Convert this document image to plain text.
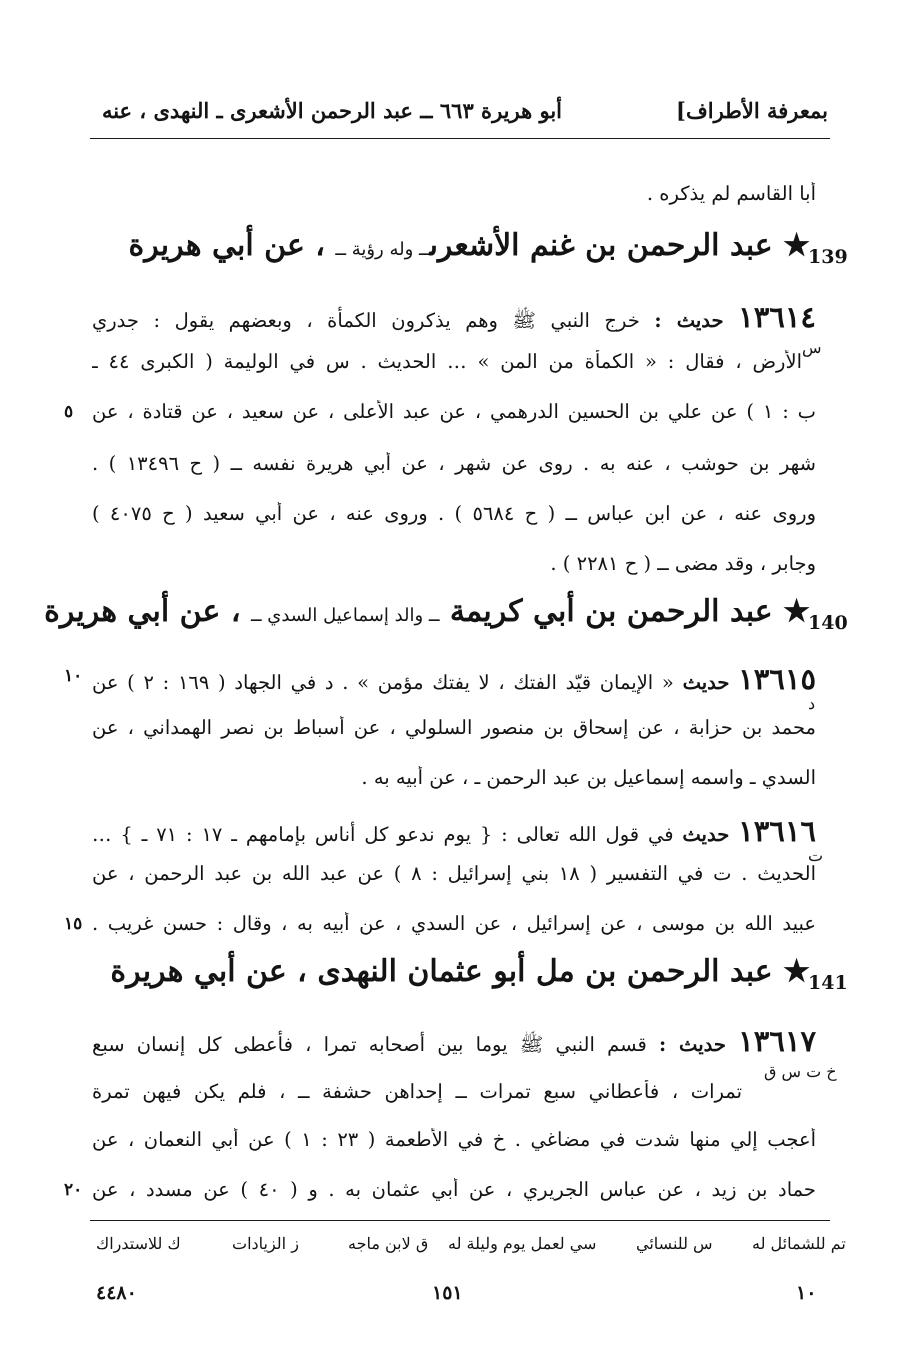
أبو هريرة ٦٦٣ ــ عبد الرحمن الأشعرى ـ النهدى ، عنه	بمعرفة الأطراف]
أبا القاسم لم يذكره .
139
★ عبد الرحمن بن غنم الأشعرىــ وله رؤية ــ ، عن أبي هريرة
١٣٦١٤ حديث : خرج النبي ﷺ وهم يذكرون الكمأة ، وبعضهم يقول : جدري
س
الأرض ، فقال : « الكمأة من المن » … الحديث . س في الوليمة ( الكبرى ٤٤ ـ
ب : ١ ) عن علي بن الحسين الدرهمي ، عن عبد الأعلى ، عن سعيد ، عن قتادة ، عن
٥
شهر بن حوشب ، عنه به . روى عن شهر ، عن أبي هريرة نفسه ــ ( ح ١٣٤٩٦ ) .
وروى عنه ، عن ابن عباس ــ ( ح ٥٦٨٤ ) . وروى عنه ، عن أبي سعيد ( ح ٤٠٧٥ )
وجابر ، وقد مضى ــ ( ح ٢٢٨١ ) .
140
★ عبد الرحمن بن أبي كريمة ــ والد إسماعيل السدي ــ ، عن أبي هريرة
١٣٦١٥ حديث « الإيمان قيّد الفتك ، لا يفتك مؤمن » . د في الجهاد ( ١٦٩ : ٢ ) عن
١٠
د
محمد بن حزابة ، عن إسحاق بن منصور السلولي ، عن أسباط بن نصر الهمداني ، عن
السدي ـ واسمه إسماعيل بن عبد الرحمن ـ ، عن أبيه به .
١٣٦١٦ حديث في قول الله تعالى : { يوم ندعو كل أناس بإمامهم ـ ١٧ : ٧١ ـ } …
ت
الحديث . ت في التفسير ( ١٨ بني إسرائيل : ٨ ) عن عبد الله بن عبد الرحمن ، عن
عبيد الله بن موسى ، عن إسرائيل ، عن السدي ، عن أبيه به ، وقال : حسن غريب .
١٥
141
★ عبد الرحمن بن مل أبو عثمان النهدى ، عن أبي هريرة
١٣٦١٧ حديث : قسم النبي ﷺ يوما بين أصحابه تمرا ، فأعطى كل إنسان سبع
خ ت س ق
تمرات ، فأعطاني سبع تمرات ــ إحداهن حشفة ــ ، فلم يكن فيهن تمرة
أعجب إلي منها شدت في مضاغي . خ في الأطعمة ( ٢٣ : ١ ) عن أبي النعمان ، عن
حماد بن زيد ، عن عباس الجريري ، عن أبي عثمان به . و ( ٤٠ ) عن مسدد ، عن
٢٠
تم للشمائل له
س للنسائي
سي لعمل يوم وليلة له
ق لابن ماجه
ز الزيادات
ك للاستدراك
٤٤٨٠	١٥١	١٠
